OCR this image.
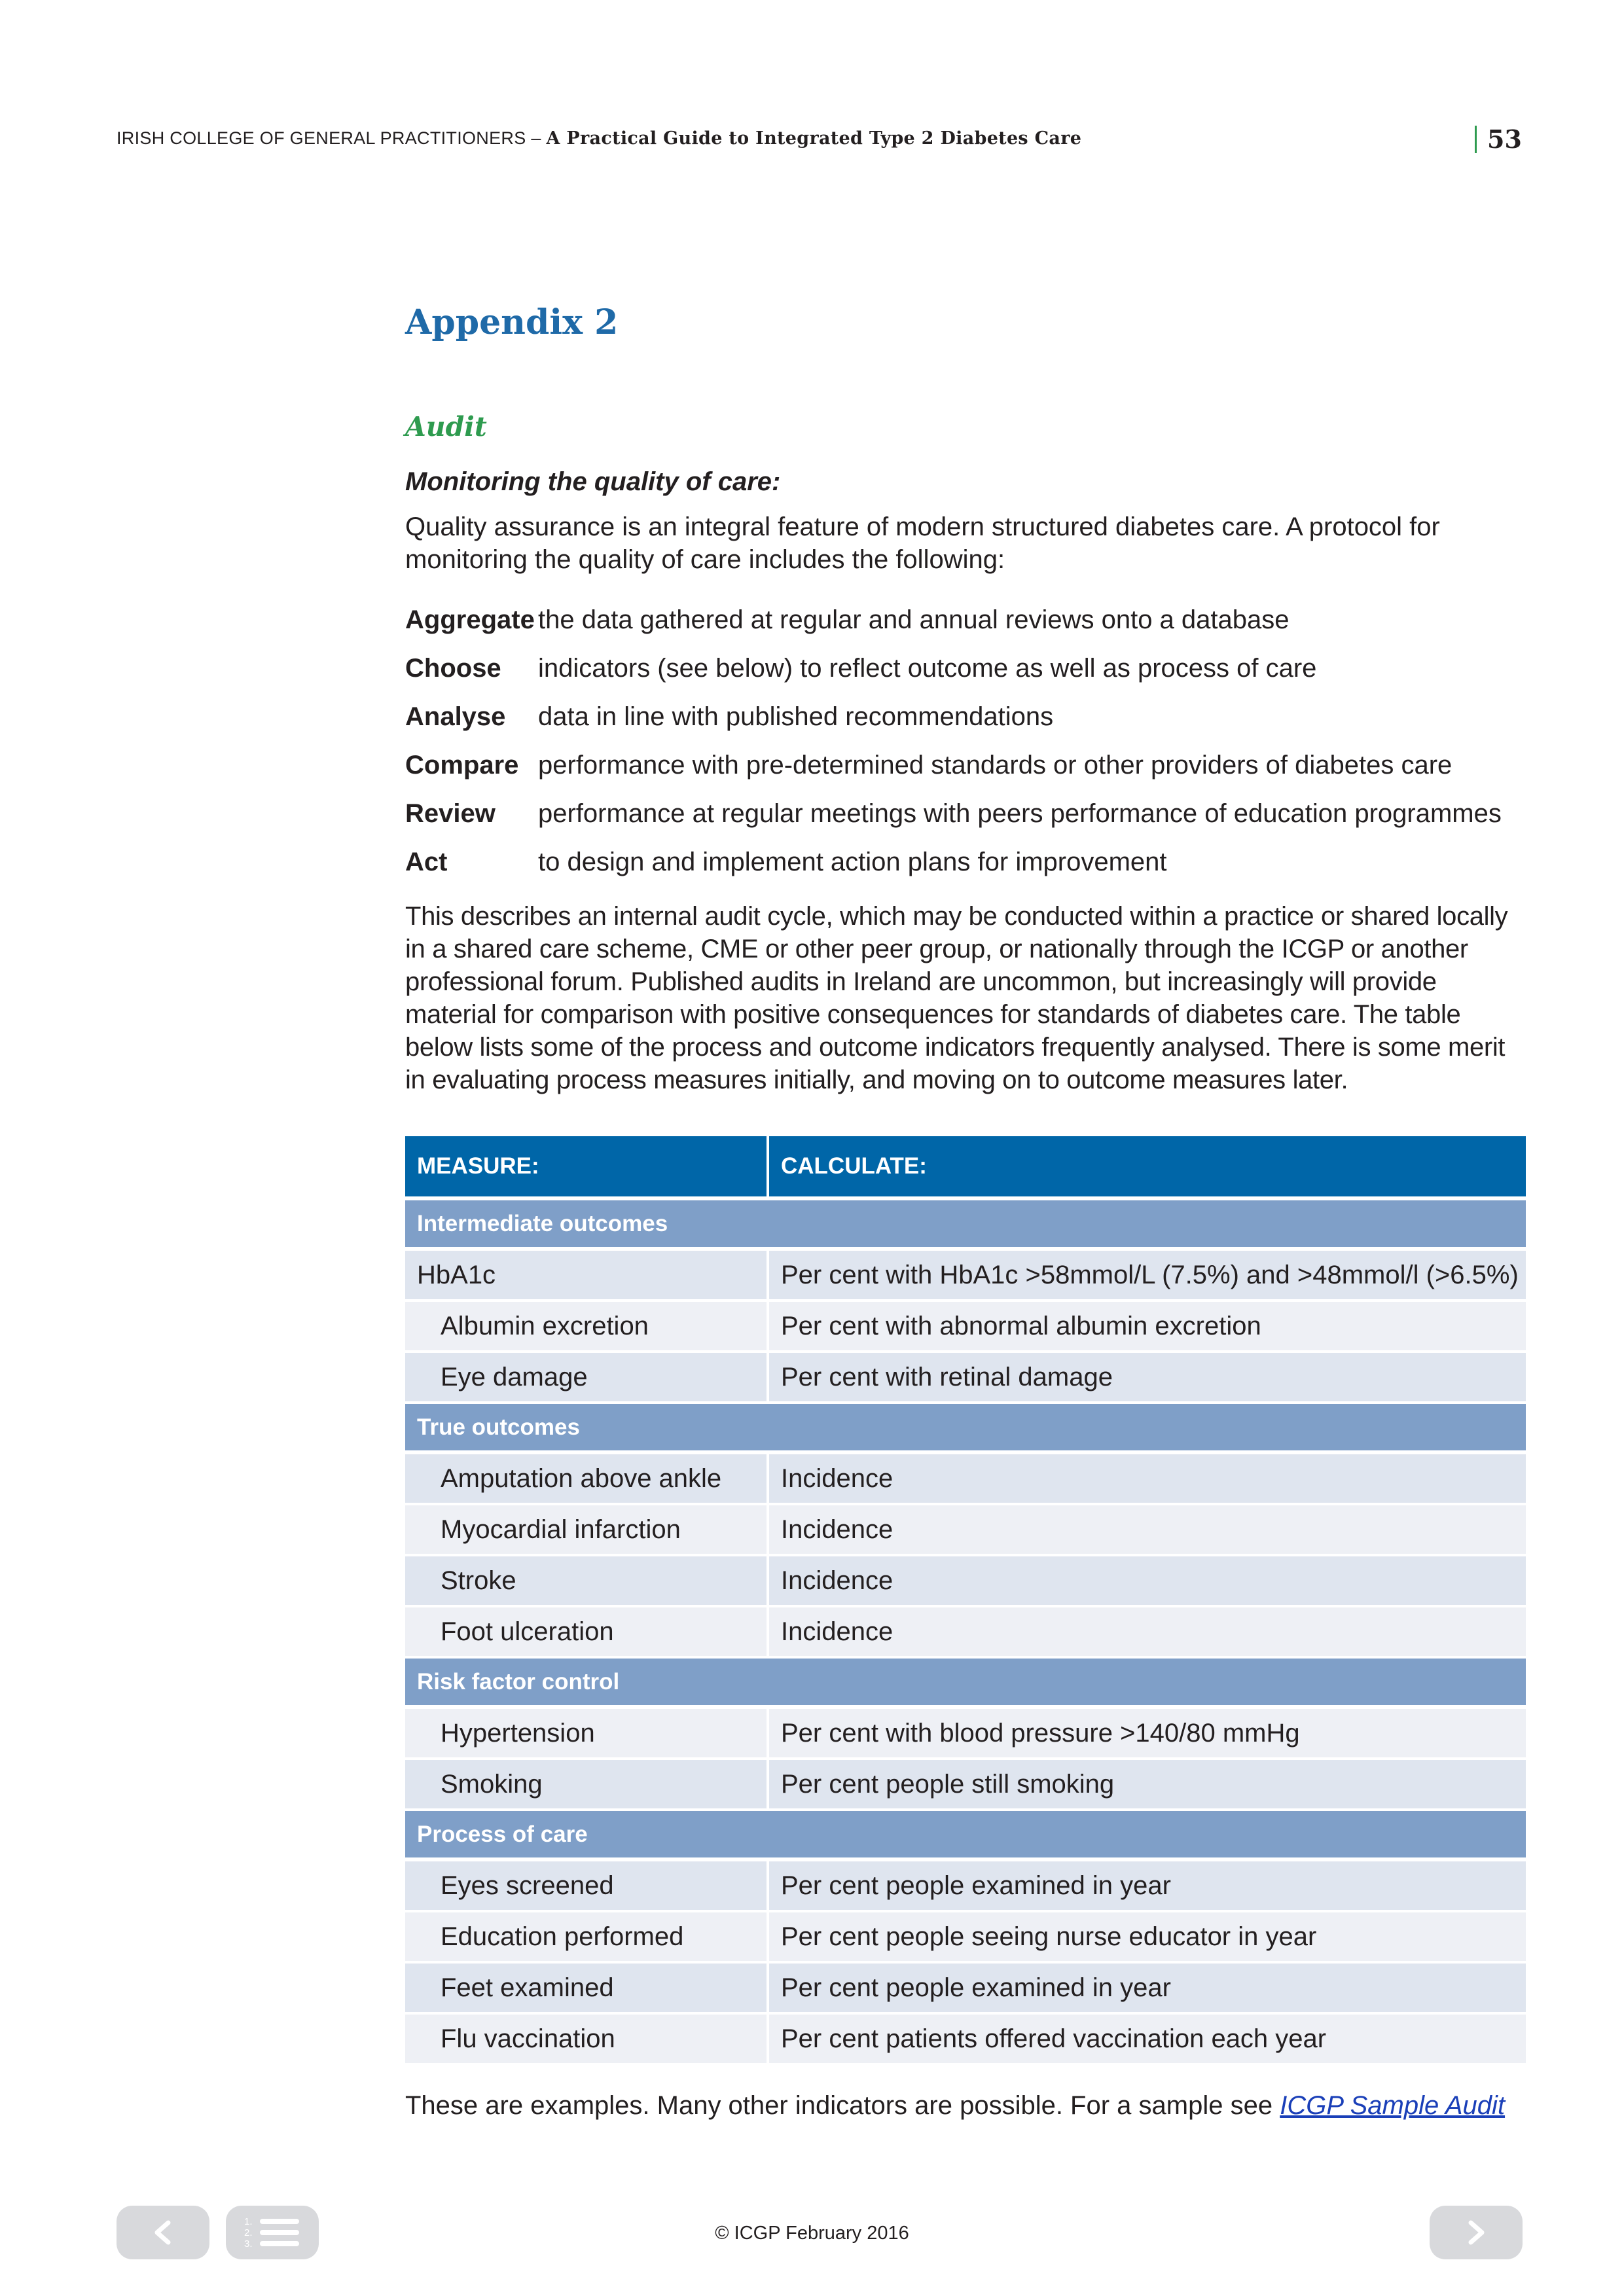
IRISH COLLEGE OF GENERAL PRACTITIONERS – A Practical Guide to Integrated Type 2 Diabetes Care	53
Appendix 2
Audit
Monitoring the quality of care:
Quality assurance is an integral feature of modern structured diabetes care. A protocol for monitoring the quality of care includes the following:
Aggregate the data gathered at regular and annual reviews onto a database
Choose indicators (see below) to reflect outcome as well as process of care
Analyse data in line with published recommendations
Compare performance with pre-determined standards or other providers of diabetes care
Review performance at regular meetings with peers performance of education programmes
Act	to design and implement action plans for improvement
This describes an internal audit cycle, which may be conducted within a practice or shared locally in a shared care scheme, CME or other peer group, or nationally through the ICGP or another professional forum. Published audits in Ireland are uncommon, but increasingly will provide material for comparison with positive consequences for standards of diabetes care. The table below lists some of the process and outcome indicators frequently analysed. There is some merit in evaluating process measures initially, and moving on to outcome measures later.
MEASURE:	CALCULATE:
Intermediate outcomes
HbA1c	Per cent with HbA1c >58mmol/L (7.5%) and >48mmol/l (>6.5%)
Albumin excretion	Per cent with abnormal albumin excretion
Eye damage	Per cent with retinal damage
True outcomes
Amputation above ankle Incidence
Myocardial infarction	Incidence
Stroke	Incidence
Foot ulceration	Incidence
Risk factor control
Hypertension	Per cent with blood pressure >140/80 mmHg
Smoking	Per cent people still smoking
Process of care
Eyes screened	Per cent people examined in year
Education performed	Per cent people seeing nurse educator in year
Feet examined	Per cent people examined in year
Flu vaccination	Per cent patients offered vaccination each year
These are examples. Many other indicators are possible. For a sample see ICGP Sample Audit
© ICGP February 2016
1.
2.
3.
